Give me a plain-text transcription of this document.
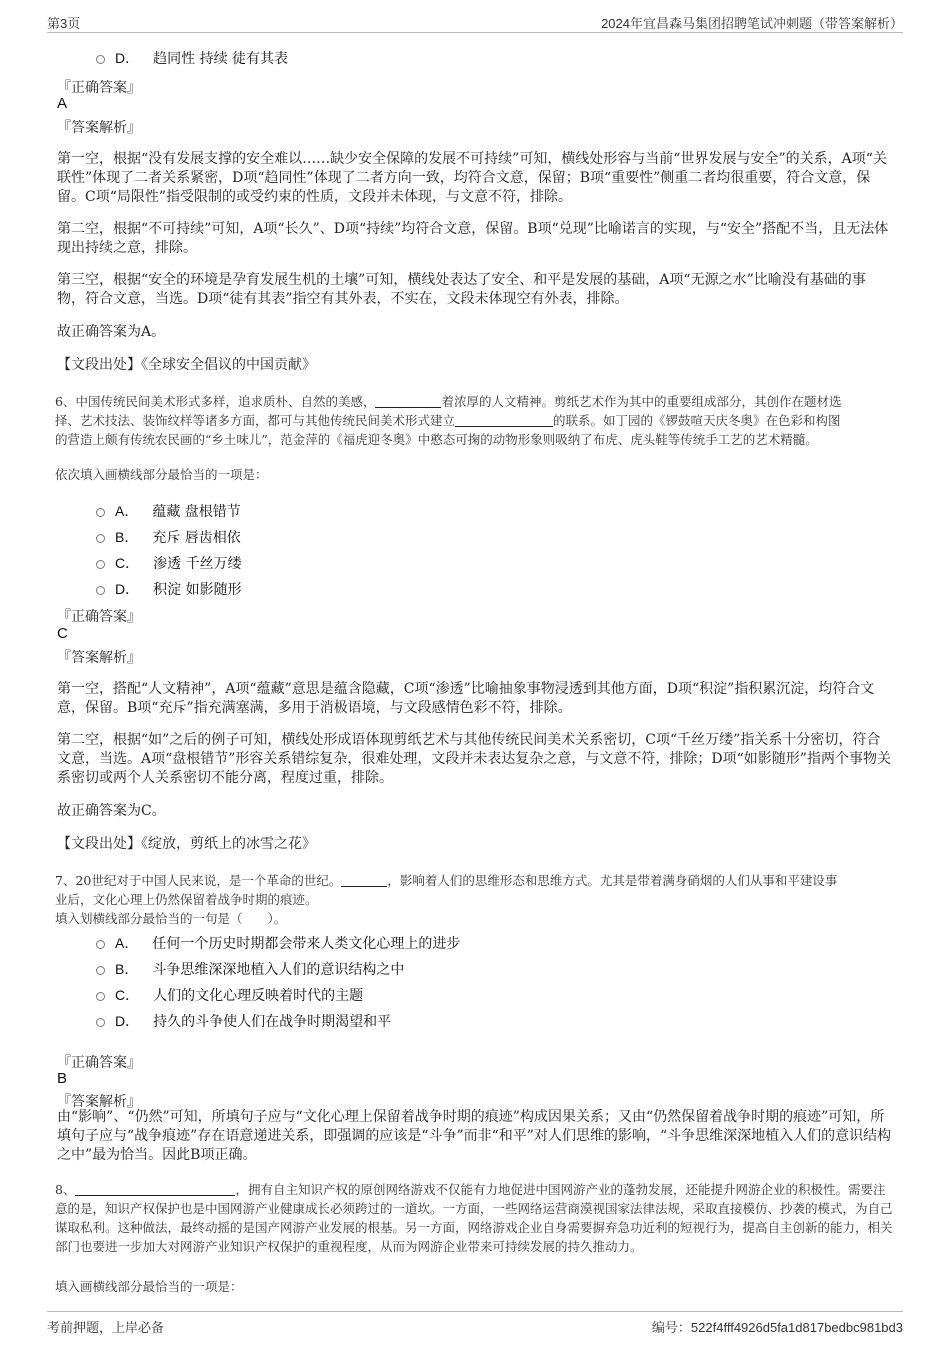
第3页	2024年宜昌森马集团招聘笔试冲刺题（带答案解析）
D． 趋同性 持续 徒有其表
『正确答案』
A
『答案解析』
第一空，根据“没有发展支撑的安全难以……缺少安全保障的发展不可持续”可知，横线处形容与当前“世界发展与安全”的关系，A项“关联性”体现了二者关系紧密，D项“趋同性”体现了二者方向一致，均符合文意，保留；B项“重要性”侧重二者均很重要，符合文意，保留。C项“局限性”指受限制的或受约束的性质，文段并未体现，与文意不符，排除。
第二空，根据“不可持续”可知，A项“长久”、D项“持续”均符合文意，保留。B项“兑现”比喻诺言的实现，与“安全”搭配不当，且无法体现出持续之意，排除。
第三空，根据“安全的环境是孕育发展生机的土壤”可知，横线处表达了安全、和平是发展的基础，A项“无源之水”比喻没有基础的事物，符合文意，当选。D项“徒有其表”指空有其外表，不实在，文段未体现空有外表，排除。
故正确答案为A。
【文段出处】《全球安全倡议的中国贡献》
6、中国传统民间美术形式多样，追求质朴、自然的美感，	着浓厚的人文精神。剪纸艺术作为其中的重要组成部分，其创作在题材选
择、艺术技法、装饰纹样等诸多方面，都可与其他传统民间美术形式建立	的联系。如丁园的《锣鼓喧天庆冬奥》在色彩和构图
的营造上颇有传统农民画的“乡土味儿”，范金萍的《福虎迎冬奥》中憨态可掬的动物形象则吸纳了布虎、虎头鞋等传统手工艺的艺术精髓。
依次填入画横线部分最恰当的一项是：
A． 蕴藏 盘根错节
B． 充斥 唇齿相依
C． 渗透 千丝万缕
D． 积淀 如影随形
『正确答案』
C
『答案解析』
第一空，搭配“人文精神”，A项“蕴藏”意思是蕴含隐藏，C项“渗透”比喻抽象事物浸透到其他方面，D项“积淀”指积累沉淀，均符合文意，保留。B项“充斥”指充满塞满，多用于消极语境，与文段感情色彩不符，排除。
第二空，根据“如”之后的例子可知，横线处形成语体现剪纸艺术与其他传统民间美术关系密切，C项“千丝万缕”指关系十分密切，符合文意，当选。A项“盘根错节”形容关系错综复杂，很难处理，文段并未表达复杂之意，与文意不符，排除；D项“如影随形”指两个事物关系密切或两个人关系密切不能分离，程度过重，排除。
故正确答案为C。
【文段出处】《绽放，剪纸上的冰雪之花》
7、20世纪对于中国人民来说，是一个革命的世纪。	，影响着人们的思维形态和思维方式。尤其是带着满身硝烟的人们从事和平建设事
业后，文化心理上仍然保留着战争时期的痕迹。
填入划横线部分最恰当的一句是（　　）。
A． 任何一个历史时期都会带来人类文化心理上的进步
B． 斗争思维深深地植入人们的意识结构之中
C． 人们的文化心理反映着时代的主题
D． 持久的斗争使人们在战争时期渴望和平
『正确答案』
B
『答案解析』
由“影响”、“仍然”可知，所填句子应与“文化心理上保留着战争时期的痕迹”构成因果关系；又由“仍然保留着战争时期的痕迹”可知，所填句子应与“战争痕迹”存在语意递进关系，即强调的应该是“斗争”而非“和平”对人们思维的影响，“斗争思维深深地植入人们的意识结构之中”最为恰当。因此B项正确。
8、	，拥有自主知识产权的原创网络游戏不仅能有力地促进中国网游产业的蓬勃发展，还能提升网游企业的积极性。需要注意的是，知识产权保护也是中国网游产业健康成长必须跨过的一道坎。一方面，一些网络运营商漠视国家法律法规，采取直接模仿、抄袭的模式，为自己谋取私利。这种做法，最终动摇的是国产网游产业发展的根基。另一方面，网络游戏企业自身需要摒弃急功近利的短视行为，提高自主创新的能力，相关部门也要进一步加大对网游产业知识产权保护的重视程度，从而为网游企业带来可持续发展的持久推动力。
填入画横线部分最恰当的一项是：
考前押题，上岸必备	编号：522f4fff4926d5fa1d817bedbc981bd3
